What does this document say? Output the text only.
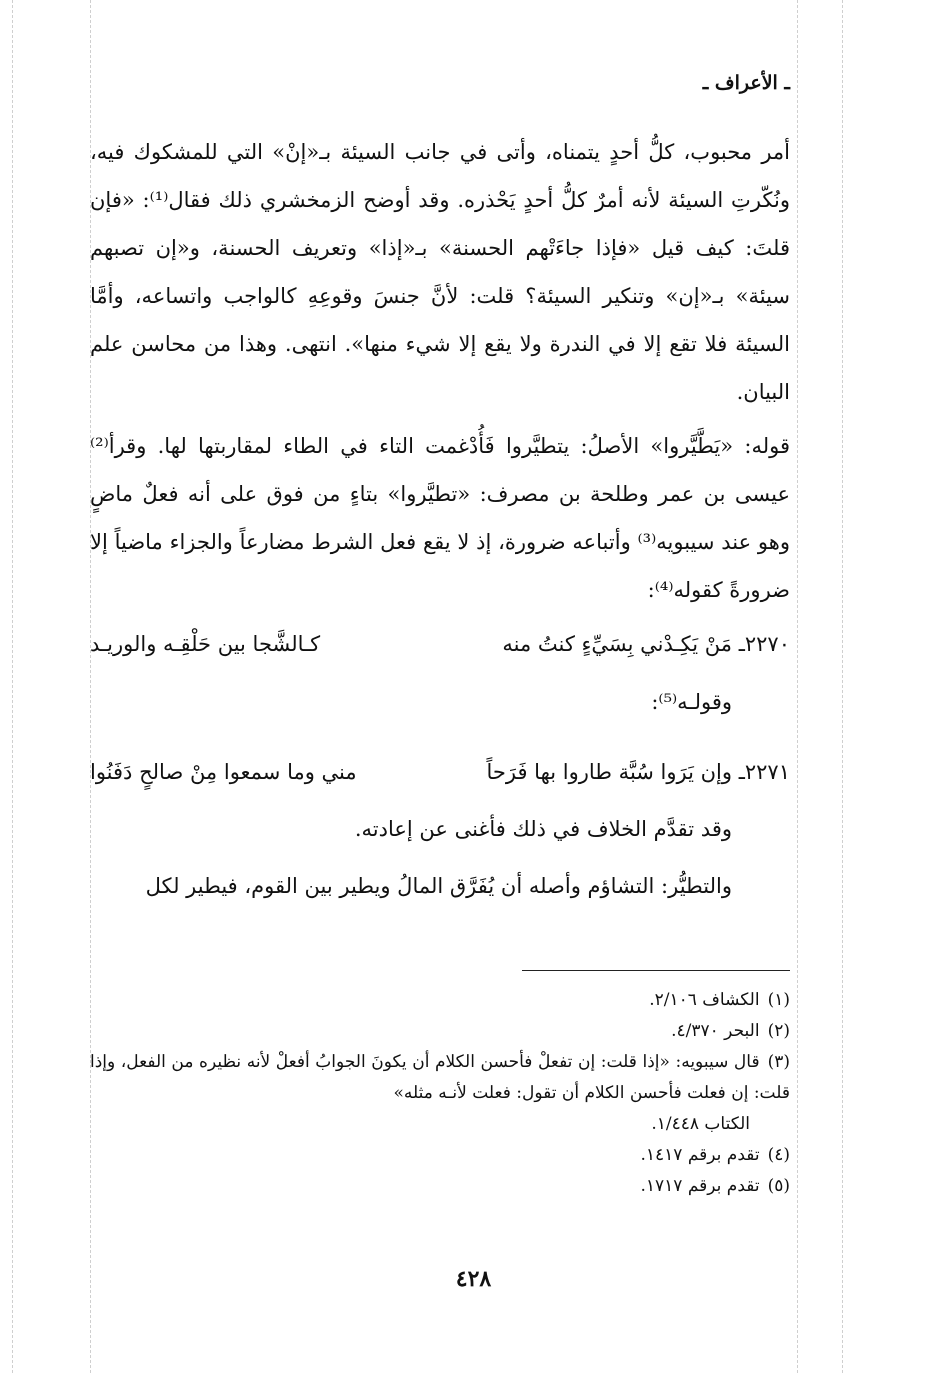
ـ الأعراف ـ

أمر محبوب، كلُّ أحدٍ يتمناه، وأتى في جانب السيئة بـ«إنْ» التي للمشكوك فيه، ونُكّرتِ السيئة لأنه أمرٌ كلُّ أحدٍ يَحْذره. وقد أوضح الزمخشري ذلك فقال⁽¹⁾: «فإن قلتَ: كيف قيل «فإذا جاءَتْهم الحسنة» بـ«إذا» وتعريف الحسنة، و«إن تصبهم سيئة» بـ«إن» وتنكير السيئة؟ قلت: لأنَّ جنسَ وقوعِهِ كالواجب واتساعه، وأمَّا السيئة فلا تقع إلا في الندرة ولا يقع إلا شيء منها». انتهى. وهذا من محاسن علم البيان.

قوله: «يَطَّيَّروا» الأصلُ: يتطيَّروا فَأُدْغمت التاء في الطاء لمقاربتها لها. وقرأ⁽²⁾ عيسى بن عمر وطلحة بن مصرف: «تطيَّروا» بتاءٍ من فوق على أنه فعلٌ ماضٍ وهو عند سيبويه⁽³⁾ وأتباعه ضرورة، إذ لا يقع فعل الشرط مضارعاً والجزاء ماضياً إلا ضرورةً كقوله⁽⁴⁾:

٢٢٧٠ـ مَنْ يَكِـدْني بِسَيِّءٍ كنتُ منه
كـالشَّجا بين حَلْقِـه والوريـد
وقولـه⁽⁵⁾:
٢٢٧١ـ وإن يَرَوا سُبَّة طاروا بها فَرَحاً
مني وما سمعوا مِنْ صالحٍ دَفَنُوا
وقد تقدَّم الخلاف في ذلك فأغنى عن إعادته.
والتطيُّر: التشاؤم وأصله أن يُفَرَّق المالُ ويطير بين القوم، فيطير لكل

(١)الكشاف ٢/١٠٦.

(٢)البحر ٤/٣٧٠.

(٣)قال سيبويه: «إذا قلت: إن تفعلْ فأحسن الكلام أن يكونَ الجوابُ أفعلْ لأنه نظيره من الفعل، وإذا قلت: إن فعلت فأحسن الكلام أن تقول: فعلت لأنـه مثله»

الكتاب ١/٤٤٨.

(٤)تقدم برقم ١٤١٧.

(٥)تقدم برقم ١٧١٧.

٤٢٨
